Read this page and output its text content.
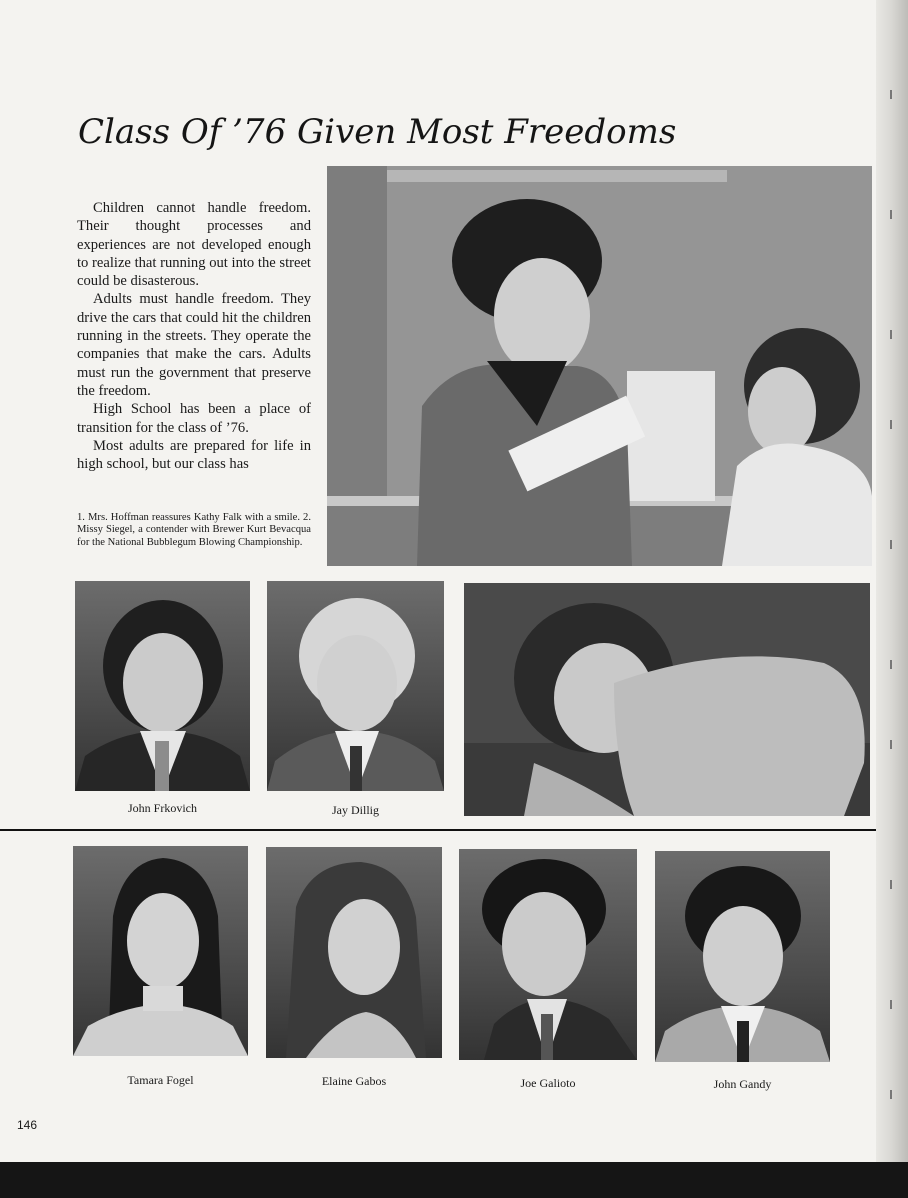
Class Of ’76 Given Most Freedoms

Children cannot handle freedom. Their thought processes and experiences are not developed enough to realize that running out into the street could be disasterous.

Adults must handle freedom. They drive the cars that could hit the children running in the streets. They operate the companies that make the cars. Adults must run the government that preserve the freedom.

High School has been a place of transition for the class of ’76.

Most adults are prepared for life in high school, but our class has

1. Mrs. Hoffman reassures Kathy Falk with a smile. 2. Missy Siegel, a contender with Brewer Kurt Bevacqua for the National Bubblegum Blowing Championship.
John Frkovich	Jay Dillig
Tamara Fogel	Elaine Gabos	Joe Galioto	John Gandy
146
